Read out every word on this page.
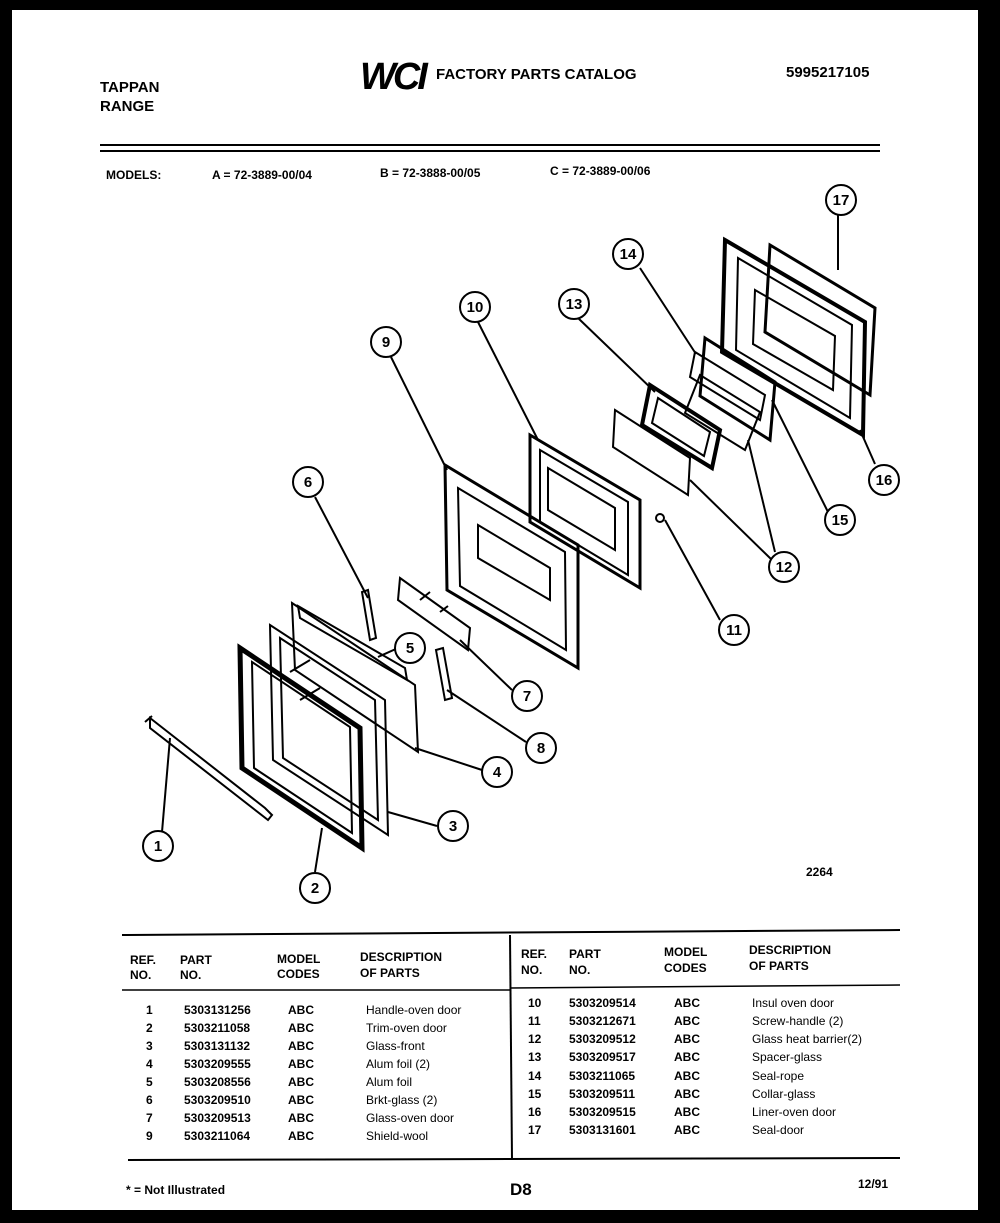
TAPPAN
RANGE
WCI FACTORY PARTS CATALOG	5995217105
MODELS:	A = 72-3889-00/04	B = 72-3888-00/05	C = 72-3889-00/06
1
2
3
4
5
6
7
8
9
10
11
12
13
14
15
16
17
2264
REF.
NO.
PART
NO.
MODEL
CODES
DESCRIPTION
OF PARTS
REF.
NO.
PART
NO.
MODEL
CODES
DESCRIPTION
OF PARTS
1	5303131256	ABC	Handle-oven door
2	5303211058	ABC	Trim-oven door
3	5303131132	ABC	Glass-front
4	5303209555	ABC	Alum foil (2)
5	5303208556	ABC	Alum foil
6	5303209510	ABC	Brkt-glass (2)
7	5303209513	ABC	Glass-oven door
9	5303211064	ABC	Shield-wool
10 5303209514	ABC	Insul oven door
11 5303212671	ABC	Screw-handle (2)
12 5303209512	ABC	Glass heat barrier(2)
13 5303209517	ABC	Spacer-glass
14 5303211065	ABC	Seal-rope
15 5303209511	ABC	Collar-glass
16 5303209515	ABC	Liner-oven door
17 5303131601	ABC	Seal-door
* = Not Illustrated	D8	12/91
